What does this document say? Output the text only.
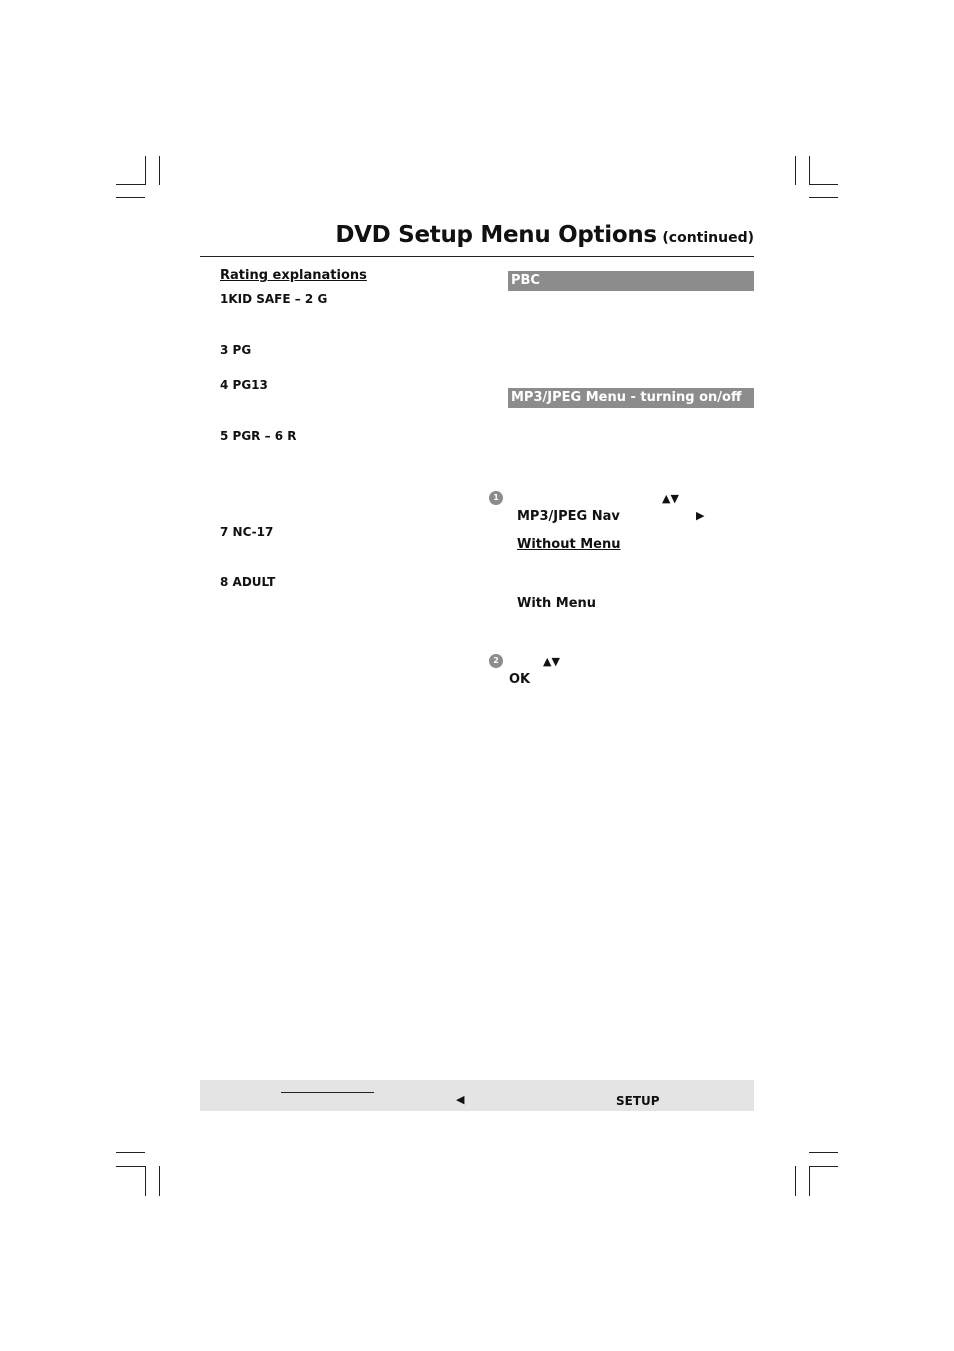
DVD Setup Menu Options (continued)
Rating explanations
1KID SAFE – 2 G
3 PG
4 PG13
5 PGR – 6 R
7 NC-17
8 ADULT
PBC
MP3/JPEG Menu - turning on/off
1	▲▼
MP3/JPEG Nav	▶
Without Menu
With Menu
2	▲▼
OK
◀	SETUP
